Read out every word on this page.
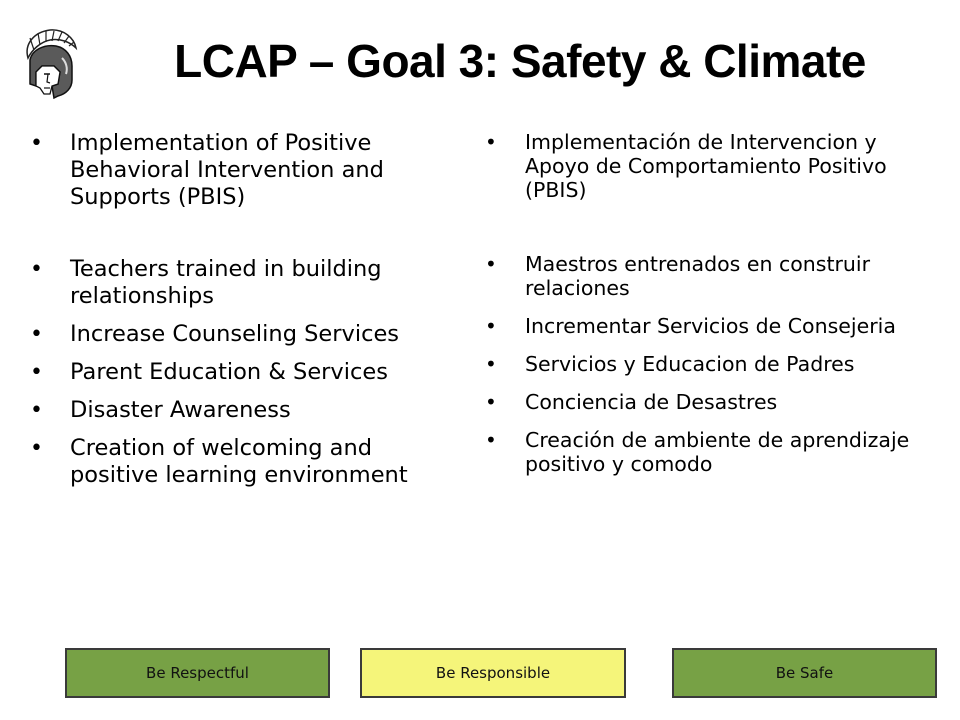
LCAP – Goal 3: Safety & Climate
• Implementation of Positive Behavioral Intervention and Supports (PBIS)
• Teachers trained in building relationships
• Increase Counseling Services
• Parent Education & Services
• Disaster Awareness
• Creation of welcoming and positive learning environment
• Implementación de Intervencion y Apoyo de Comportamiento Positivo (PBIS)
• Maestros entrenados en construir relaciones
• Incrementar Servicios de Consejeria
• Servicios y Educacion de Padres
• Conciencia de Desastres
• Creación de ambiente de aprendizaje positivo y comodo
Be Respectful	Be Responsible	Be Safe
